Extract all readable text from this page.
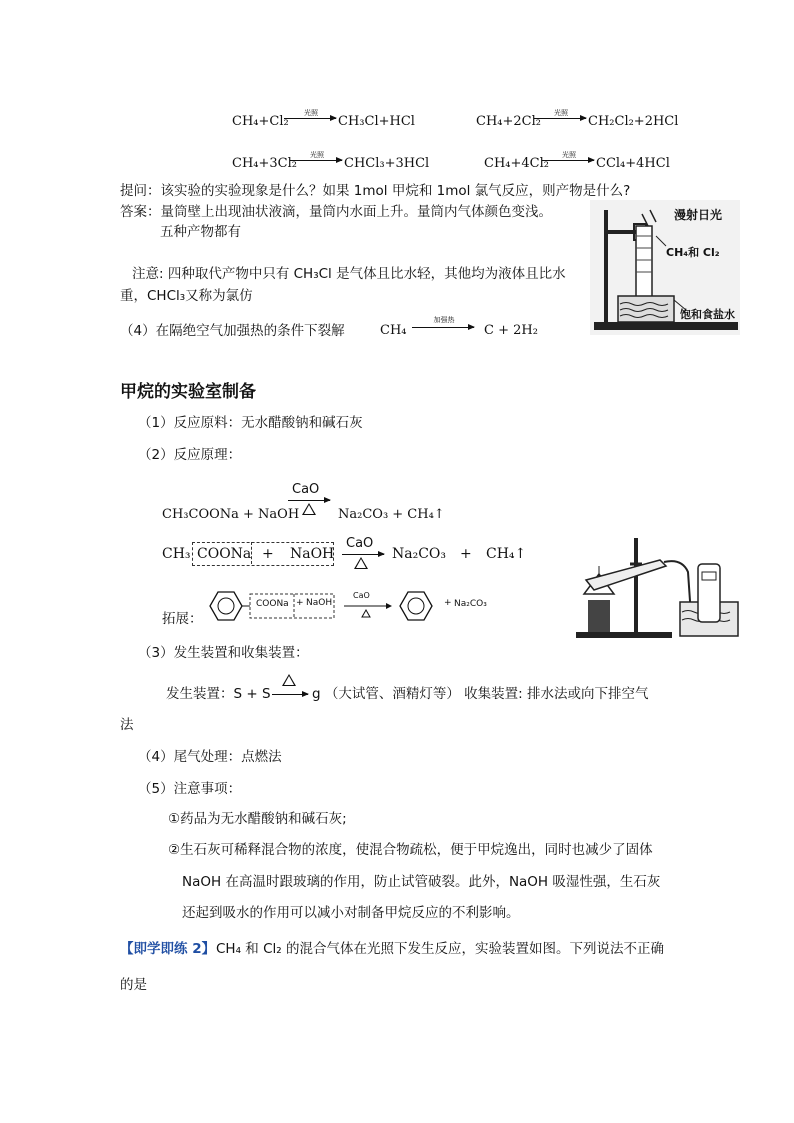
CH₄+Cl₂
光照
→ CH₃Cl+HCl	CH₄+2Cl₂
光照
→ CH₂Cl₂+2HCl
CH₄+3Cl₂
光照
→ CHCl₃+3HCl	CH₄+4Cl₂
光照
→ CCl₄+4HCl
提问：该实验的实验现象是什么？如果 1mol 甲烷和 1mol 氯气反应，则产物是什么?
答案：量筒壁上出现油状液滴，量筒内水面上升。量筒内气体颜色变浅。
五种产物都有
注意: 四种取代产物中只有 CH₃Cl 是气体且比水轻，其他均为液体且比水
重，CHCl₃又称为氯仿
（4）在隔绝空气加强热的条件下裂解	CH₄
加强热
C + 2H₂
漫射日光
CH₄和 Cl₂
饱和食盐水
甲烷的实验室制备
（1）反应原料：无水醋酸钠和碱石灰
（2）反应原理：
CH₃COONa + NaOH
CaO
Na₂CO₃ + CH₄↑
CH₃ COONa + NaO H
CaO
Na₂CO₃ + CH₄↑
拓展：
COONa + NaOH
CaO
+ Na₂CO₃
（3）发生装置和收集装置：
发生装置：S + S	g （大试管、酒精灯等） 收集装置: 排水法或向下排空气
法
（4）尾气处理：点燃法
（5）注意事项：
①药品为无水醋酸钠和碱石灰;
②生石灰可稀释混合物的浓度，使混合物疏松，便于甲烷逸出，同时也减少了固体
NaOH 在高温时跟玻璃的作用，防止试管破裂。此外，NaOH 吸湿性强，生石灰
还起到吸水的作用可以减小对制备甲烷反应的不利影响。
【即学即练 2】 CH₄ 和 Cl₂ 的混合气体在光照下发生反应，实验装置如图。下列说法不正确
的是
